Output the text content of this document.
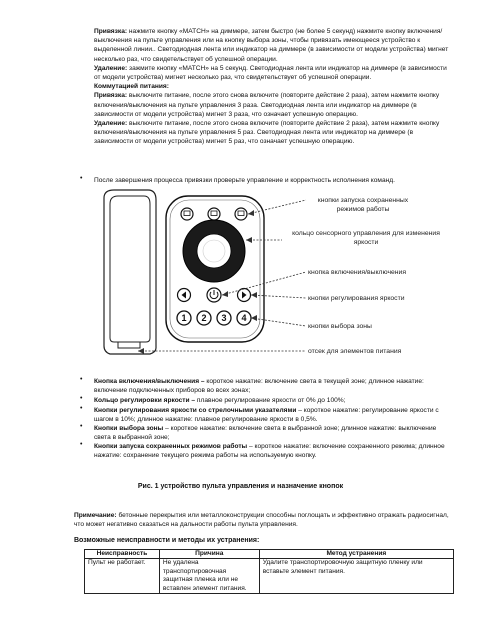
Привязка: нажмите кнопку «МАТСН» на диммере, затем быстро (не более 5 секунд) нажмите кнопку включения/выключения на пульте управления или на кнопку выбора зоны, чтобы привязать имеющееся устройство к выделенной линии.. Светодиодная лента или индикатор на диммере (в зависимости от модели устройства) мигнет несколько раз, что свидетельствует об успешной операции.
Удаление: зажмите кнопку «МАТСН» на 5 секунд. Светодиодная лента или индикатор на диммере (в зависимости от модели устройства) мигнет несколько раз, что свидетельствует об успешной операции.
Коммутацией питания:
Привязка: выключите питание, после этого снова включите (повторите действие 2 раза), затем нажмите кнопку включения/выключения на пульте управления 3 раза. Светодиодная лента или индикатор на диммере (в зависимости от модели устройства) мигнет 3 раза, что означает успешную операцию.
Удаление: выключите питание, после этого снова включите (повторите действие 2 раза), затем нажмите кнопку включения/выключения на пульте управления 5 раз. Светодиодная лента или индикатор на диммере (в зависимости от модели устройства) мигнет 5 раз, что означает успешную операцию.
• После завершения процесса привязки проверьте управление и корректность исполнения команд.
1 2 3 4
кнопки запуска сохраненных режимов работы
кольцо сенсорного управления для изменения яркости
кнопка включения/выключения
кнопки регулирования яркости
кнопки выбора зоны
отсек для элементов питания
• Кнопка включения/выключения – короткое нажатие: включение света в текущей зоне; длинное нажатие: включение подключенных приборов во всех зонах;
• Кольцо регулировки яркости – плавное регулирование яркости от 0% до 100%;
• Кнопки регулирования яркости со стрелочными указателями – короткое нажатие: регулирование яркости с шагом в 10%; длинное нажатие: плавное регулирование яркости в 0,5%.
• Кнопки выбора зоны – короткое нажатие: включение света в выбранной зоне; длинное нажатие: выключение света в выбранной зоне;
• Кнопки запуска сохраненных режимов работы – короткое нажатие: включение сохраненного режима; длинное нажатие: сохранение текущего режима работы на используемую кнопку.
Рис. 1 устройство пульта управления и назначение кнопок
Примечание: бетонные перекрытия или металлоконструкции способны поглощать и эффективно отражать радиосигнал, что может негативно сказаться на дальности работы пульта управления.
Возможные неисправности и методы их устранения:
Неисправность	Причина	Метод устранения
Пульт не работает.	Не удалена транспортировочная защитная пленка или не вставлен элемент питания.	Удалите транспортировочную защитную пленку или вставьте элемент питания.
